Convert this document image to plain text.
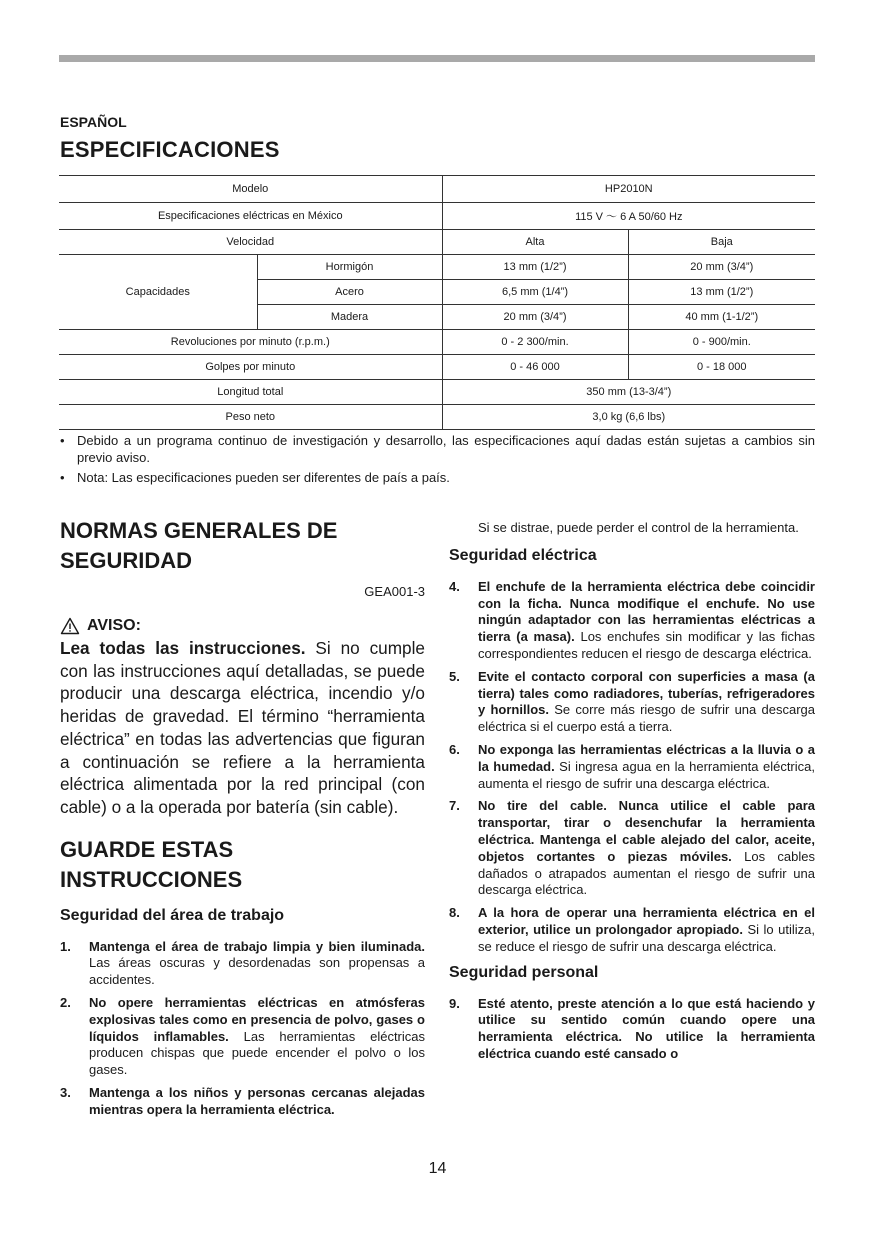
ESPAÑOL
ESPECIFICACIONES
Modelo		HP2010N	
Especificaciones eléctricas en México		115 V ～ 6 A 50/60 Hz	
Velocidad		Alta	Baja
Capacidades	Hormigón	13 mm (1/2”)	20 mm (3/4”)
	Acero	6,5 mm (1/4”)	13 mm (1/2”)
	Madera	20 mm (3/4”)	40 mm (1-1/2”)
Revoluciones por minuto (r.p.m.)		0 - 2 300/min.	0 - 900/min.
Golpes por minuto		0 - 46 000	0 - 18 000
Longitud total		350 mm (13-3/4”)	
Peso neto		3,0 kg (6,6 lbs)	
• Debido a un programa continuo de investigación y desarrollo, las especificaciones aquí dadas están sujetas a cambios sin previo aviso.
• Nota: Las especificaciones pueden ser diferentes de país a país.
NORMAS GENERALES DE
SEGURIDAD
GEA001-3
AVISO:
Lea todas las instrucciones. Si no cumple con las instrucciones aquí detalladas, se puede producir una descarga eléctrica, incendio y/o heridas de gravedad. El término “herramienta eléctrica” en todas las advertencias que figuran a continuación se refiere a la herramienta eléctrica alimentada por la red principal (con cable) o a la operada por batería (sin cable).
GUARDE ESTAS
INSTRUCCIONES
Seguridad del área de trabajo
1. Mantenga el área de trabajo limpia y bien iluminada. Las áreas oscuras y desordenadas son propensas a accidentes.
2. No opere herramientas eléctricas en atmósferas explosivas tales como en presencia de polvo, gases o líquidos inflamables. Las herramientas eléctricas producen chispas que puede encender el polvo o los gases.
3. Mantenga a los niños y personas cercanas alejadas mientras opera la herramienta eléctrica.
Si se distrae, puede perder el control de la herramienta.
Seguridad eléctrica
4. El enchufe de la herramienta eléctrica debe coincidir con la ficha. Nunca modifique el enchufe. No use ningún adaptador con las herramientas eléctricas a tierra (a masa). Los enchufes sin modificar y las fichas correspondientes reducen el riesgo de descarga eléctrica.
5. Evite el contacto corporal con superficies a masa (a tierra) tales como radiadores, tuberías, refrigeradores y hornillos. Se corre más riesgo de sufrir una descarga eléctrica si el cuerpo está a tierra.
6. No exponga las herramientas eléctricas a la lluvia o a la humedad. Si ingresa agua en la herramienta eléctrica, aumenta el riesgo de sufrir una descarga eléctrica.
7. No tire del cable. Nunca utilice el cable para transportar, tirar o desenchufar la herramienta eléctrica. Mantenga el cable alejado del calor, aceite, objetos cortantes o piezas móviles. Los cables dañados o atrapados aumentan el riesgo de sufrir una descarga eléctrica.
8. A la hora de operar una herramienta eléctrica en el exterior, utilice un prolongador apropiado. Si lo utiliza, se reduce el riesgo de sufrir una descarga eléctrica.
Seguridad personal
9. Esté atento, preste atención a lo que está haciendo y utilice su sentido común cuando opere una herramienta eléctrica. No utilice la herramienta eléctrica cuando esté cansado o
14
